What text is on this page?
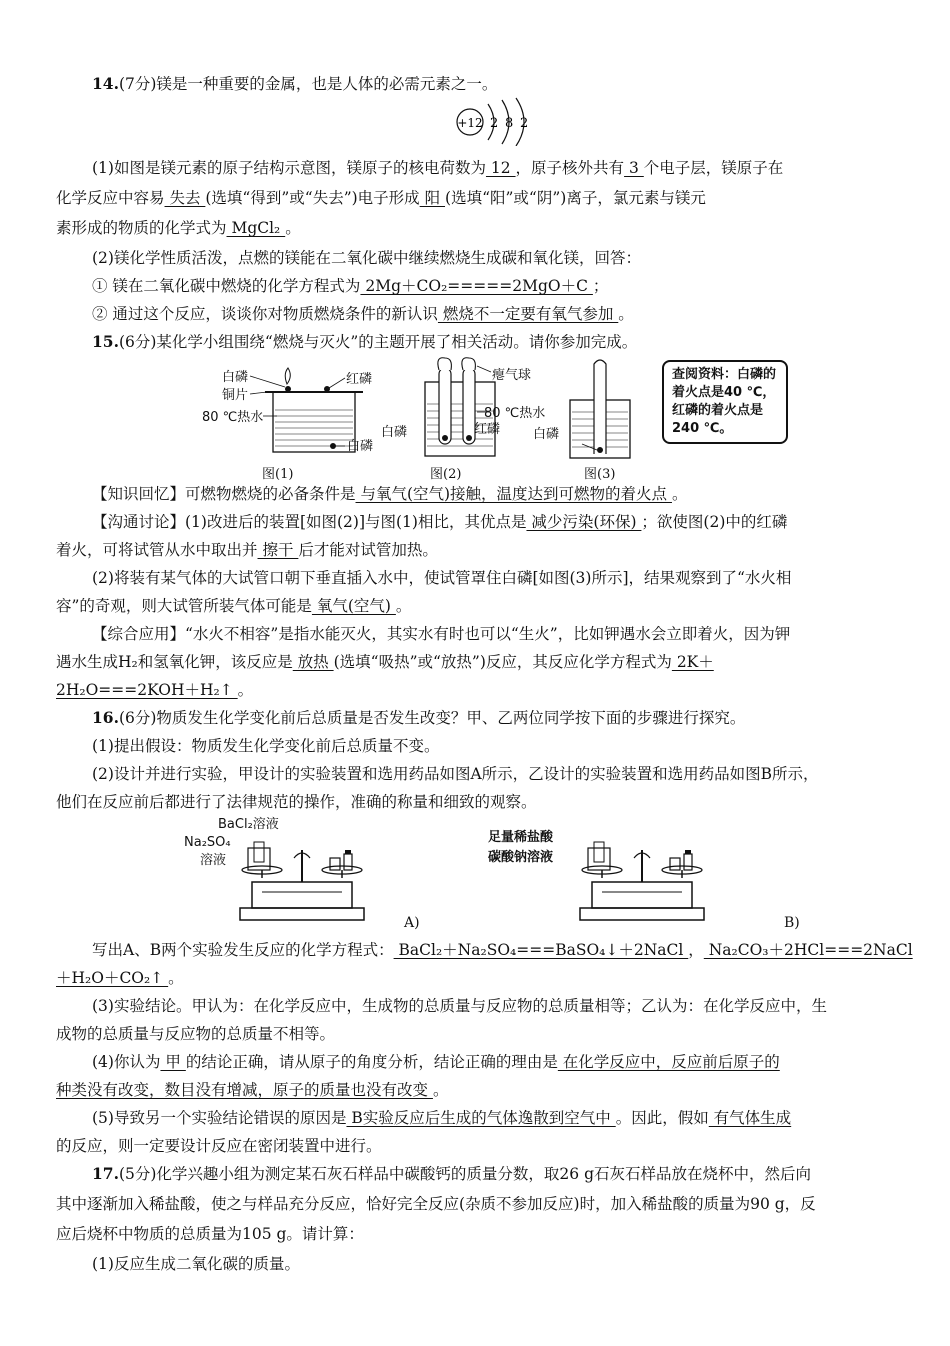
14.(7分)镁是一种重要的金属，也是人体的必需元素之一。
+12 2 8 2
(1)如图是镁元素的原子结构示意图，镁原子的核电荷数为 12 ，原子核外共有 3 个电子层，镁原子在
化学反应中容易 失去 (选填“得到”或“失去”)电子形成 阳 (选填“阳”或“阴”)离子，氯元素与镁元
素形成的物质的化学式为 MgCl₂ 。
(2)镁化学性质活泼，点燃的镁能在二氧化碳中继续燃烧生成碳和氧化镁，回答：
① 镁在二氧化碳中燃烧的化学方程式为 2Mg＋CO₂=====2MgO＋C ；
② 通过这个反应，谈谈你对物质燃烧条件的新认识 燃烧不一定要有氧气参加 。
15.(6分)某化学小组围绕“燃烧与灭火”的主题开展了相关活动。请你参加完成。
白磷
铜片
红磷
80 ℃热水
白磷
图(1)
瘪气球
80 ℃热水
白磷	红磷
图(2)
白磷
图(3)
查阅资料：白磷的着火点是40 ℃，红磷的着火点是240 ℃。
【知识回忆】可燃物燃烧的必备条件是 与氧气(空气)接触，温度达到可燃物的着火点 。
【沟通讨论】(1)改进后的装置[如图(2)]与图(1)相比，其优点是 减少污染(环保) ；欲使图(2)中的红磷
着火，可将试管从水中取出并 擦干 后才能对试管加热。
(2)将装有某气体的大试管口朝下垂直插入水中，使试管罩住白磷[如图(3)所示]，结果观察到了“水火相
容”的奇观，则大试管所装气体可能是 氧气(空气) 。
【综合应用】“水火不相容”是指水能灭火，其实水有时也可以“生火”，比如钾遇水会立即着火，因为钾
遇水生成H₂和氢氧化钾，该反应是 放热 (选填“吸热”或“放热”)反应，其反应化学方程式为 2K＋
2H₂O===2KOH＋H₂↑ 。
16.(6分)物质发生化学变化前后总质量是否发生改变？甲、乙两位同学按下面的步骤进行探究。
(1)提出假设：物质发生化学变化前后总质量不变。
(2)设计并进行实验，甲设计的实验装置和选用药品如图A所示，乙设计的实验装置和选用药品如图B所示，
他们在反应前后都进行了法律规范的操作，准确的称量和细致的观察。
BaCl₂溶液
Na₂SO₄
溶液
A)
足量稀盐酸
碳酸钠溶液
B)
写出A、B两个实验发生反应的化学方程式： BaCl₂＋Na₂SO₄===BaSO₄↓＋2NaCl ， Na₂CO₃＋2HCl===2NaCl
＋H₂O＋CO₂↑ 。
(3)实验结论。甲认为：在化学反应中，生成物的总质量与反应物的总质量相等；乙认为：在化学反应中，生
成物的总质量与反应物的总质量不相等。
(4)你认为 甲 的结论正确，请从原子的角度分析，结论正确的理由是 在化学反应中，反应前后原子的
种类没有改变，数目没有增减，原子的质量也没有改变 。
(5)导致另一个实验结论错误的原因是 B实验反应后生成的气体逸散到空气中 。因此，假如 有气体生成
的反应，则一定要设计反应在密闭装置中进行。
17.(5分)化学兴趣小组为测定某石灰石样品中碳酸钙的质量分数，取26 g石灰石样品放在烧杯中，然后向
其中逐渐加入稀盐酸，使之与样品充分反应，恰好完全反应(杂质不参加反应)时，加入稀盐酸的质量为90 g，反
应后烧杯中物质的总质量为105 g。请计算：
(1)反应生成二氧化碳的质量。
